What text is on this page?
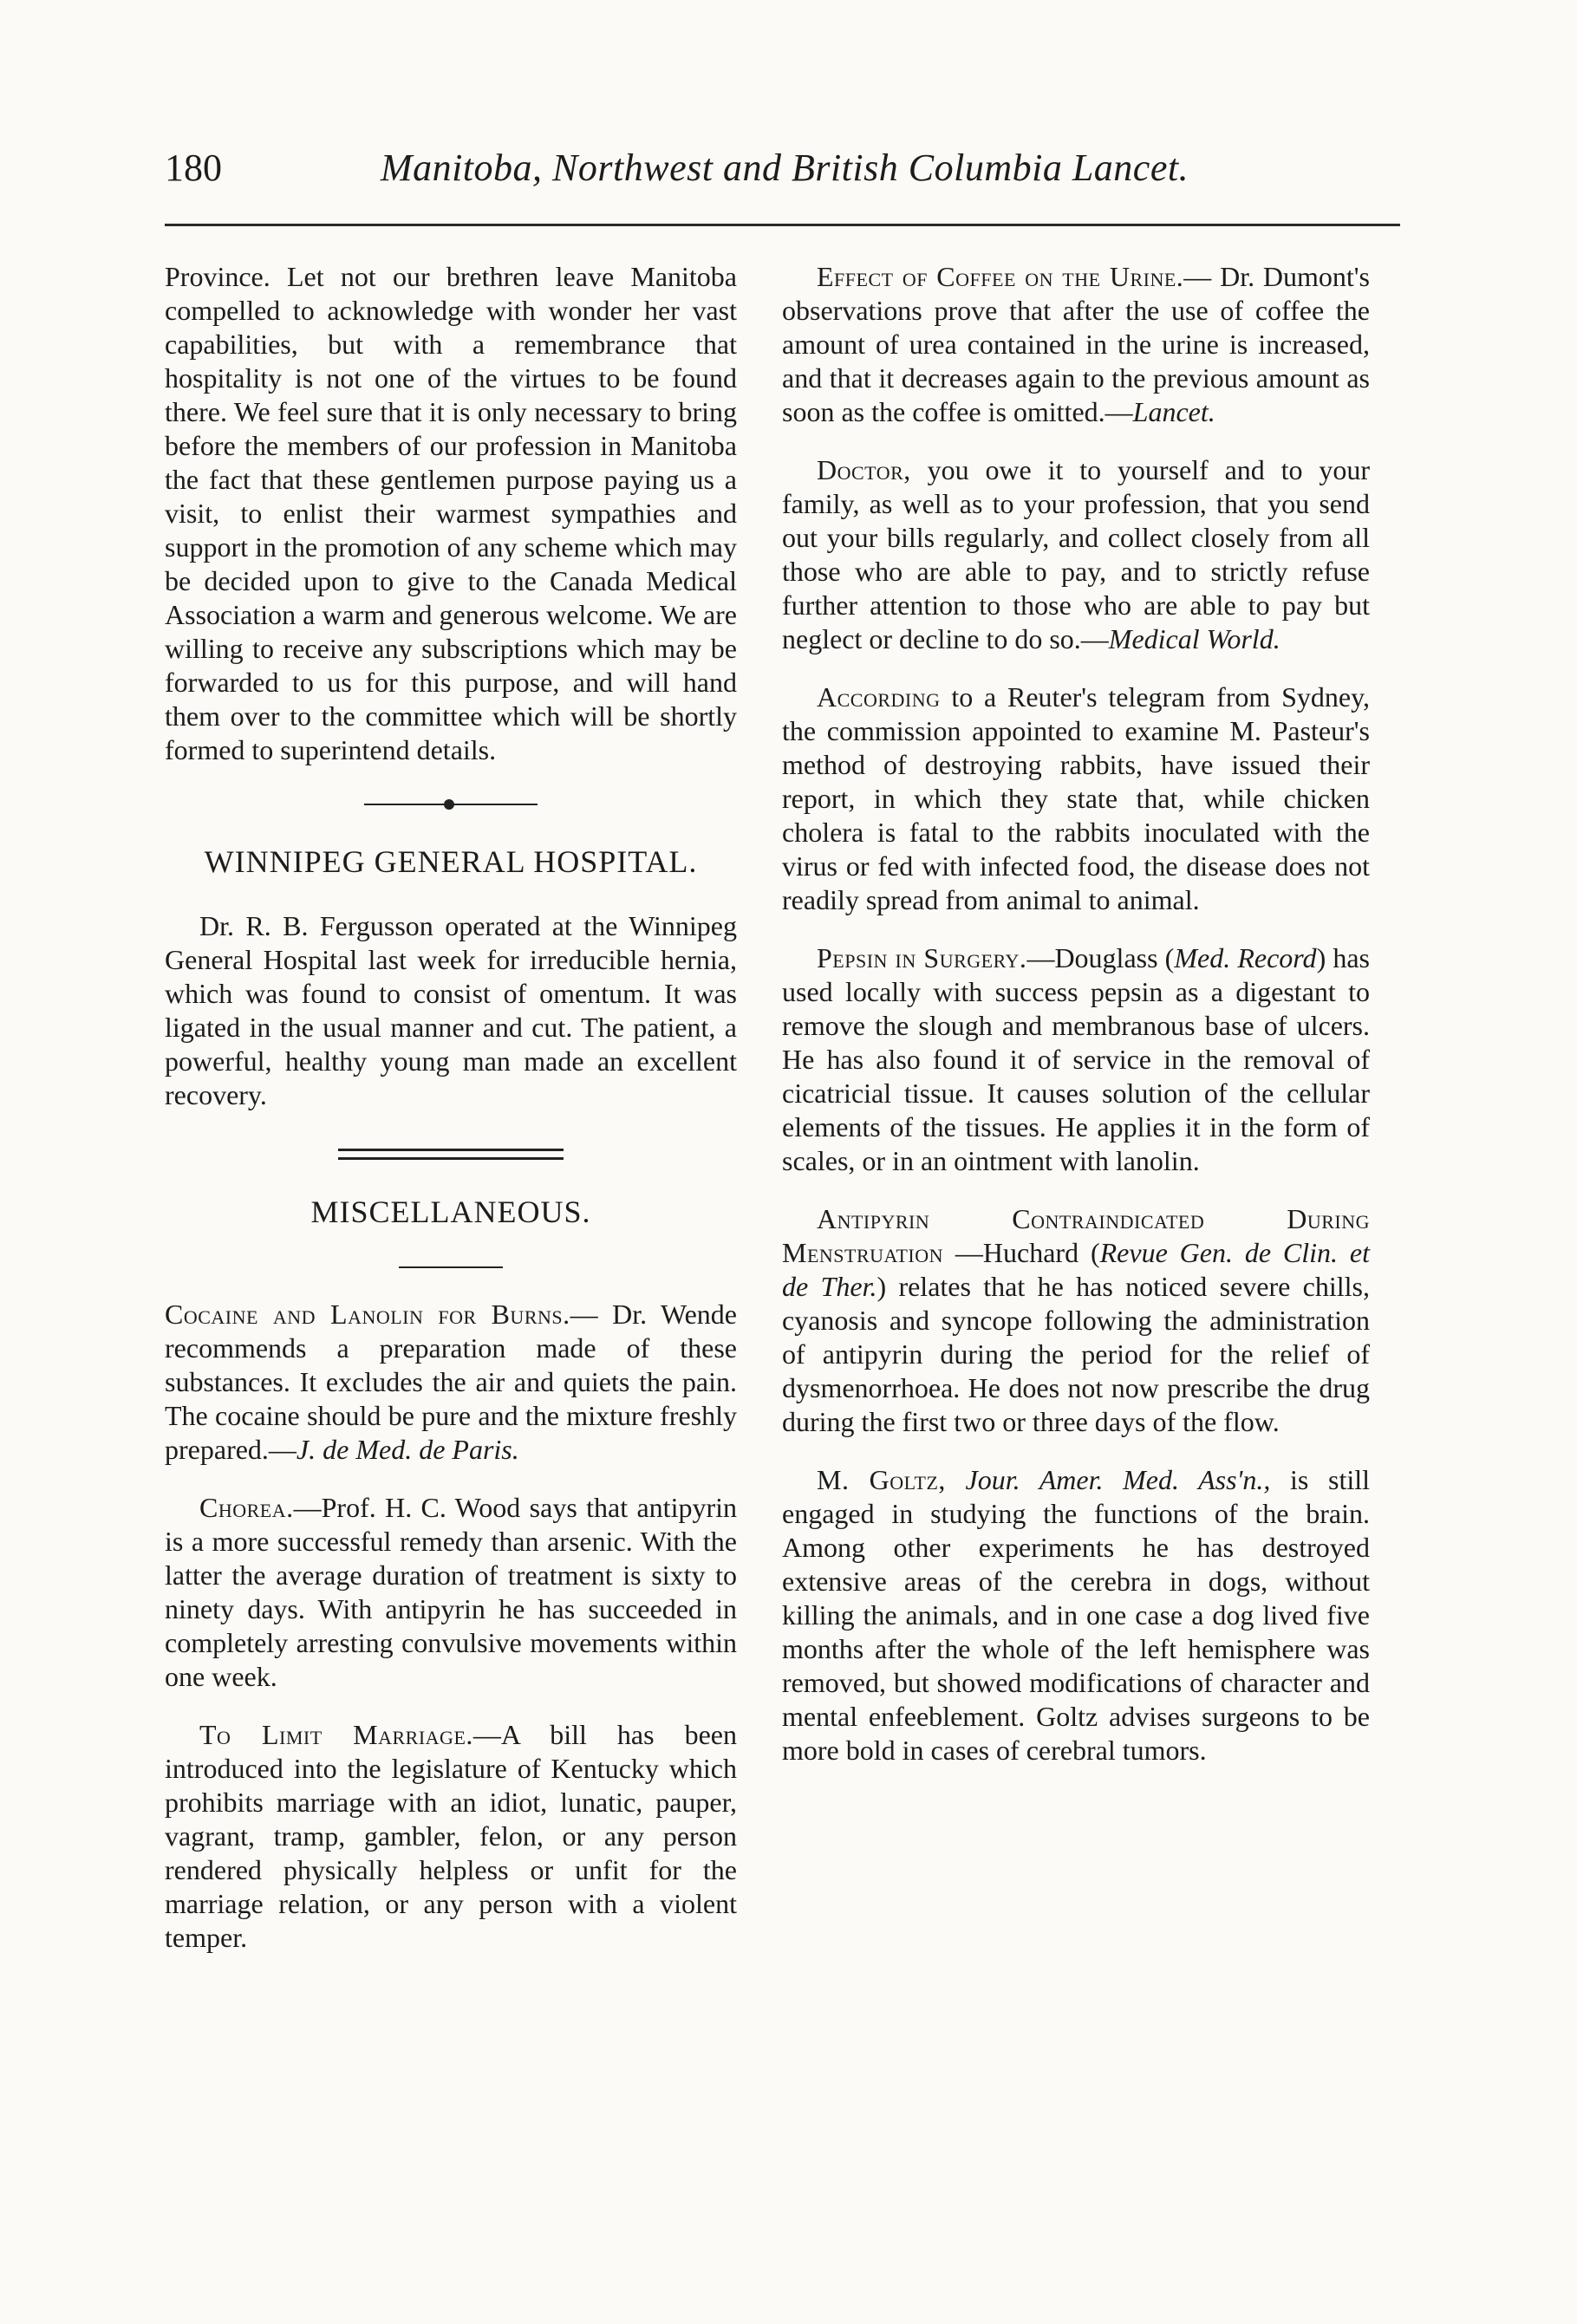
180	Manitoba, Northwest and British Columbia Lancet.

Province. Let not our brethren leave Manitoba compelled to acknowledge with wonder her vast capabilities, but with a remembrance that hospitality is not one of the virtues to be found there. We feel sure that it is only necessary to bring before the members of our profession in Manitoba the fact that these gentlemen purpose paying us a visit, to enlist their warmest sympathies and support in the promotion of any scheme which may be decided upon to give to the Canada Medical Association a warm and generous welcome. We are willing to receive any subscriptions which may be forwarded to us for this purpose, and will hand them over to the committee which will be shortly formed to superintend details.

WINNIPEG GENERAL HOSPITAL.

Dr. R. B. Fergusson operated at the Winnipeg General Hospital last week for irreducible hernia, which was found to consist of omentum. It was ligated in the usual manner and cut. The patient, a powerful, healthy young man made an excellent recovery.

MISCELLANEOUS.

Cocaine and Lanolin for Burns.— Dr. Wende recommends a preparation made of these substances. It excludes the air and quiets the pain. The cocaine should be pure and the mixture freshly prepared.—J. de Med. de Paris.

Chorea.—Prof. H. C. Wood says that antipyrin is a more successful remedy than arsenic. With the latter the average duration of treatment is sixty to ninety days. With antipyrin he has succeeded in completely arresting convulsive movements within one week.

To Limit Marriage.—A bill has been introduced into the legislature of Kentucky which prohibits marriage with an idiot, lunatic, pauper, vagrant, tramp, gambler, felon, or any person rendered physically helpless or unfit for the marriage relation, or any person with a violent temper.

Effect of Coffee on the Urine.— Dr. Dumont's observations prove that after the use of coffee the amount of urea contained in the urine is increased, and that it decreases again to the previous amount as soon as the coffee is omitted.—Lancet.

Doctor, you owe it to yourself and to your family, as well as to your profession, that you send out your bills regularly, and collect closely from all those who are able to pay, and to strictly refuse further attention to those who are able to pay but neglect or decline to do so.—Medical World.

According to a Reuter's telegram from Sydney, the commission appointed to examine M. Pasteur's method of destroying rabbits, have issued their report, in which they state that, while chicken cholera is fatal to the rabbits inoculated with the virus or fed with infected food, the disease does not readily spread from animal to animal.

Pepsin in Surgery.—Douglass (Med. Record) has used locally with success pepsin as a digestant to remove the slough and membranous base of ulcers. He has also found it of service in the removal of cicatricial tissue. It causes solution of the cellular elements of the tissues. He applies it in the form of scales, or in an ointment with lanolin.

Antipyrin Contraindicated During Menstruation —Huchard (Revue Gen. de Clin. et de Ther.) relates that he has noticed severe chills, cyanosis and syncope following the administration of antipyrin during the period for the relief of dysmenorrhoea. He does not now prescribe the drug during the first two or three days of the flow.

M. Goltz, Jour. Amer. Med. Ass'n., is still engaged in studying the functions of the brain. Among other experiments he has destroyed extensive areas of the cerebra in dogs, without killing the animals, and in one case a dog lived five months after the whole of the left hemisphere was removed, but showed modifications of character and mental enfeeblement. Goltz advises surgeons to be more bold in cases of cerebral tumors.
